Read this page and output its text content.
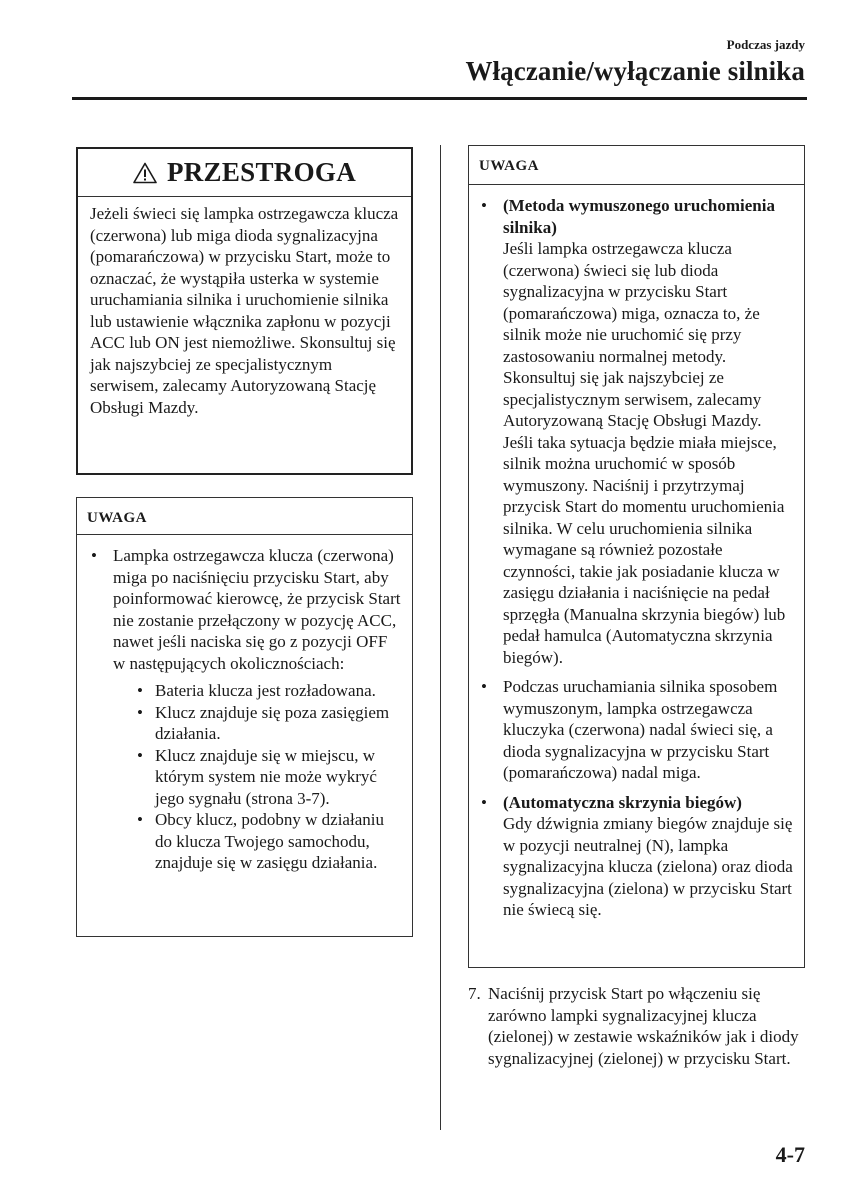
Podczas jazdy
Włączanie/wyłączanie silnika
PRZESTROGA
Jeżeli świeci się lampka ostrzegawcza klucza (czerwona) lub miga dioda sygnalizacyjna (pomarańczowa) w przycisku Start, może to oznaczać, że wystąpiła usterka w systemie uruchamiania silnika i uruchomienie silnika lub ustawienie włącznika zapłonu w pozycji ACC lub ON jest niemożliwe. Skonsultuj się jak najszybciej ze specjalistycznym serwisem, zalecamy Autoryzowaną Stację Obsługi Mazdy.
UWAGA
• Lampka ostrzegawcza klucza (czerwona) miga po naciśnięciu przycisku Start, aby poinformować kierowcę, że przycisk Start nie zostanie przełączony w pozycję ACC, nawet jeśli naciska się go z pozycji OFF w następujących okolicznościach:
• Bateria klucza jest rozładowana.
• Klucz znajduje się poza zasięgiem działania.
• Klucz znajduje się w miejscu, w którym system nie może wykryć jego sygnału (strona 3-7).
• Obcy klucz, podobny w działaniu do klucza Twojego samochodu, znajduje się w zasięgu działania.
UWAGA
• (Metoda wymuszonego uruchomienia silnika)
Jeśli lampka ostrzegawcza klucza (czerwona) świeci się lub dioda sygnalizacyjna w przycisku Start (pomarańczowa) miga, oznacza to, że silnik może nie uruchomić się przy zastosowaniu normalnej metody. Skonsultuj się jak najszybciej ze specjalistycznym serwisem, zalecamy Autoryzowaną Stację Obsługi Mazdy. Jeśli taka sytuacja będzie miała miejsce, silnik można uruchomić w sposób wymuszony. Naciśnij i przytrzymaj przycisk Start do momentu uruchomienia silnika. W celu uruchomienia silnika wymagane są również pozostałe czynności, takie jak posiadanie klucza w zasięgu działania i naciśnięcie na pedał sprzęgła (Manualna skrzynia biegów) lub pedał hamulca (Automatyczna skrzynia biegów).
• Podczas uruchamiania silnika sposobem wymuszonym, lampka ostrzegawcza kluczyka (czerwona) nadal świeci się, a dioda sygnalizacyjna w przycisku Start (pomarańczowa) nadal miga.
• (Automatyczna skrzynia biegów)
Gdy dźwignia zmiany biegów znajduje się w pozycji neutralnej (N), lampka sygnalizacyjna klucza (zielona) oraz dioda sygnalizacyjna (zielona) w przycisku Start nie świecą się.
7. Naciśnij przycisk Start po włączeniu się zarówno lampki sygnalizacyjnej klucza (zielonej) w zestawie wskaźników jak i diody sygnalizacyjnej (zielonej) w przycisku Start.
4-7
